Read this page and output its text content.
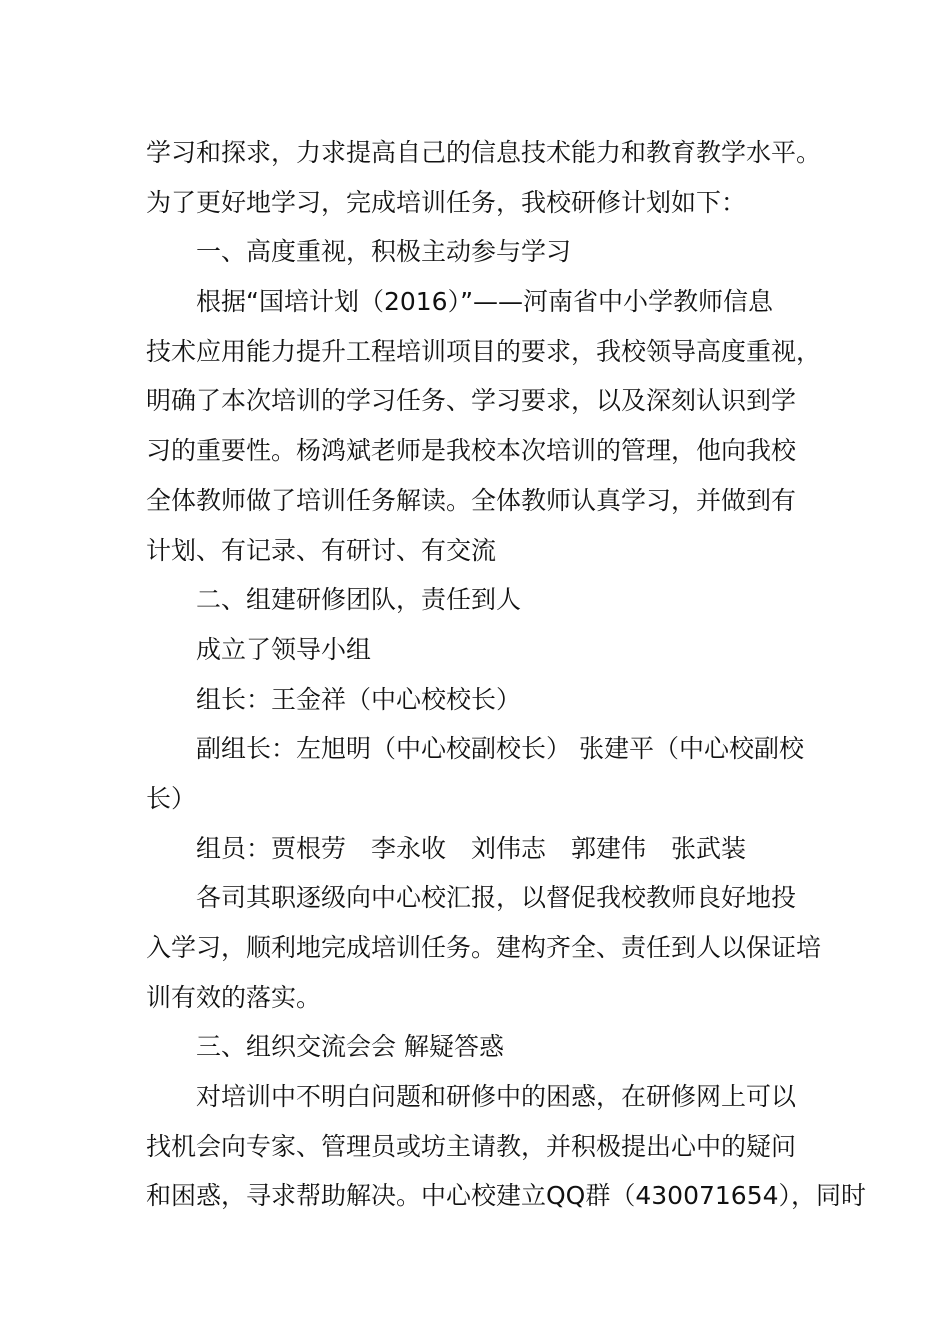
学习和探求，力求提高自己的信息技术能力和教育教学水平。
为了更好地学习，完成培训任务，我校研修计划如下：
一、高度重视，积极主动参与学习
根据“国培计划（2016）”——河南省中小学教师信息
技术应用能力提升工程培训项目的要求，我校领导高度重视，
明确了本次培训的学习任务、学习要求，以及深刻认识到学
习的重要性。杨鸿斌老师是我校本次培训的管理，他向我校
全体教师做了培训任务解读。全体教师认真学习，并做到有
计划、有记录、有研讨、有交流
二、组建研修团队，责任到人
成立了领导小组
组长：王金祥（中心校校长）
副组长：左旭明（中心校副校长） 张建平（中心校副校
长）
组员：贾根劳　李永收　刘伟志　郭建伟　张武装
各司其职逐级向中心校汇报，以督促我校教师良好地投
入学习，顺利地完成培训任务。建构齐全、责任到人以保证培
训有效的落实。
三、组织交流会会 解疑答惑
对培训中不明白问题和研修中的困惑，在研修网上可以
找机会向专家、管理员或坊主请教，并积极提出心中的疑问
和困惑，寻求帮助解决。中心校建立QQ群（430071654），同时
